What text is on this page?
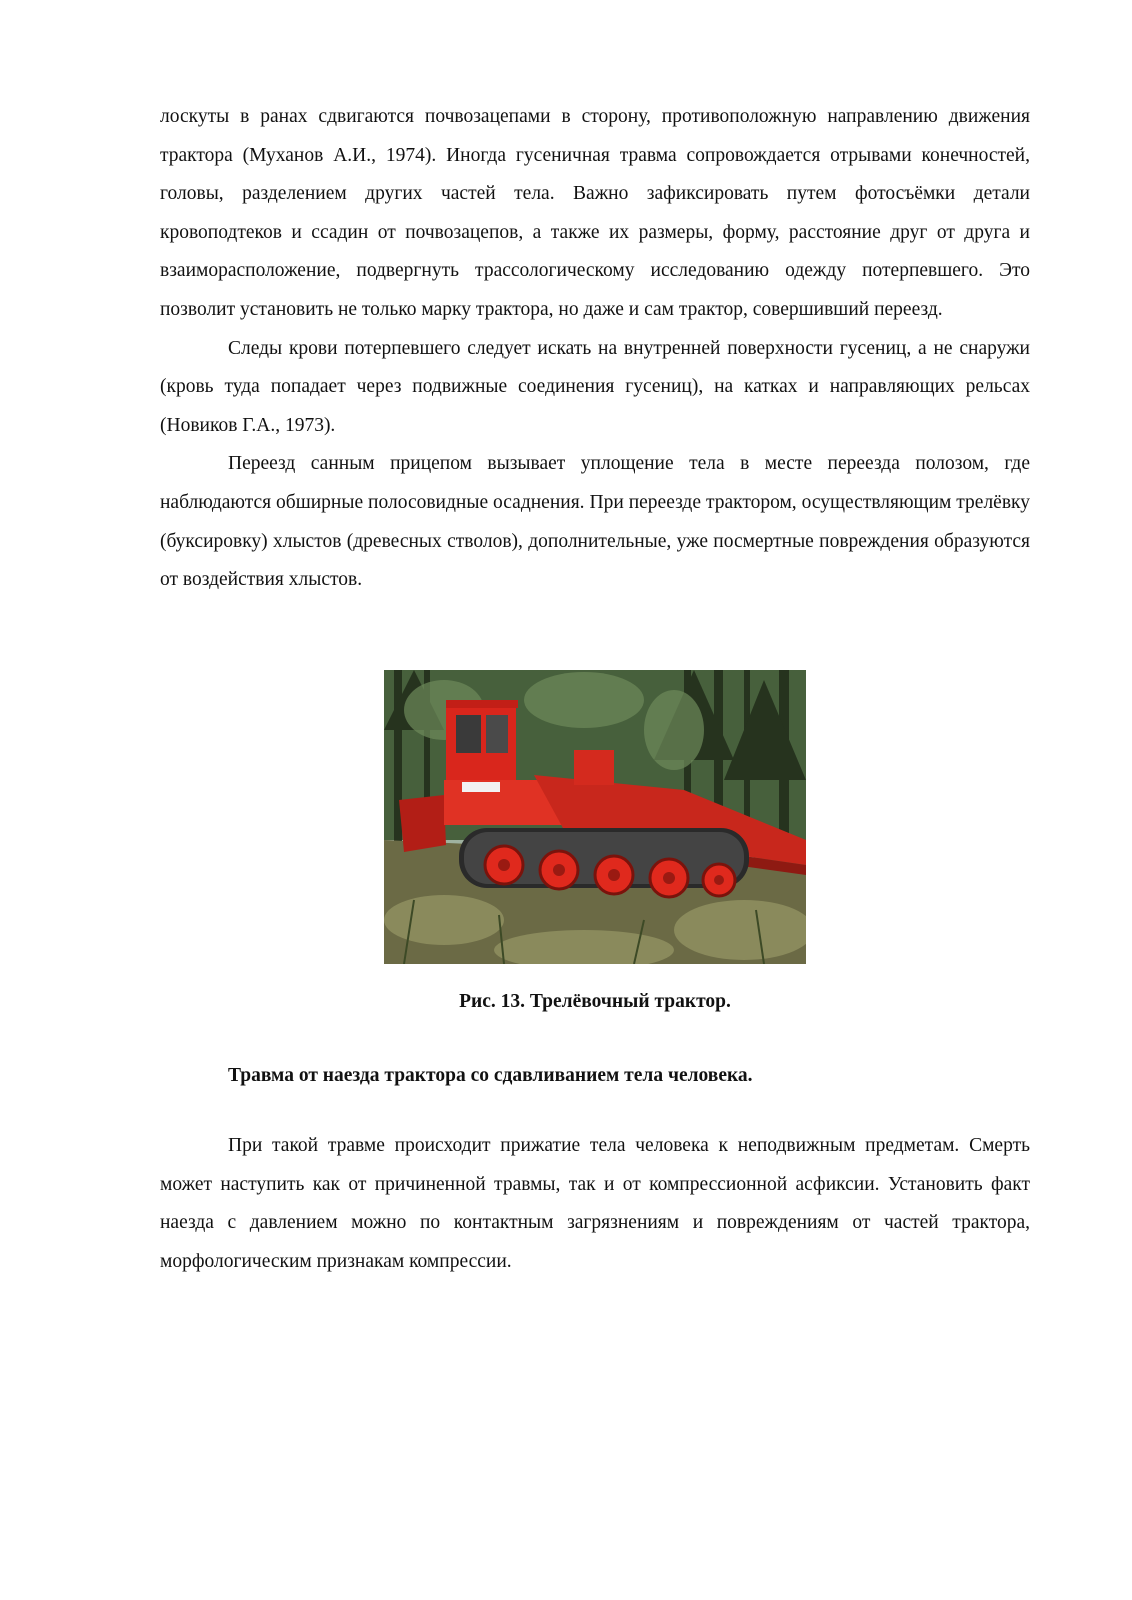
лоскуты в ранах сдвигаются почвозацепами в сторону, противоположную направлению движения трактора (Муханов А.И., 1974). Иногда гусеничная травма сопровождается отрывами конечностей, головы, разделением других частей тела. Важно зафиксировать путем фотосъёмки детали кровоподтеков и ссадин от почвозацепов, а также их размеры, форму, расстояние друг от друга и взаиморасположение, подвергнуть трассологическому исследованию одежду потерпевшего. Это позволит установить не только марку трактора, но даже и сам трактор, совершивший переезд.

Следы крови потерпевшего следует искать на внутренней поверхности гусениц, а не снаружи (кровь туда попадает через подвижные соединения гусениц), на катках и направляющих рельсах (Новиков Г.А., 1973).

Переезд санным прицепом вызывает уплощение тела в месте переезда полозом, где наблюдаются обширные полосовидные осаднения. При переезде трактором, осуществляющим трелёвку (буксировку) хлыстов (древесных стволов), дополнительные, уже посмертные повреждения образуются от воздействия хлыстов.

Рис. 13. Трелёвочный трактор.
Травма от наезда трактора со сдавливанием тела человека.

При такой травме происходит прижатие тела человека к неподвижным предметам. Смерть может наступить как от причиненной травмы, так и от компрессионной асфиксии. Установить факт наезда с давлением можно по контактным загрязнениям и повреждениям от частей трактора, морфологическим признакам компрессии.
